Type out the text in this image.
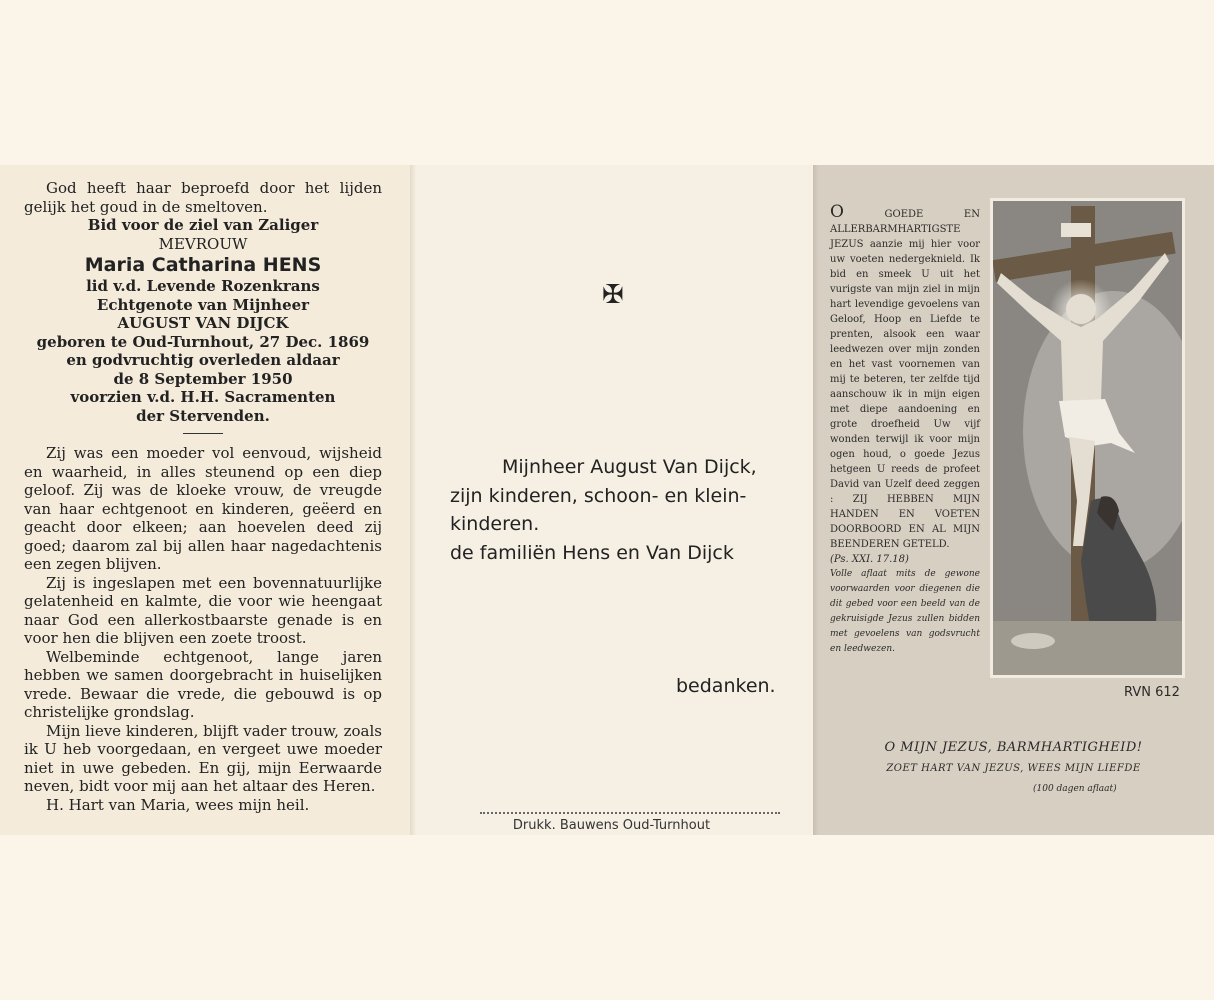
God heeft haar beproefd door het lijden gelijk het goud in de smeltoven.
Bid voor de ziel van Zaliger
MEVROUW
Maria Catharina HENS
lid v.d. Levende Rozenkrans
Echtgenote van Mijnheer
AUGUST VAN DIJCK
geboren te Oud-Turnhout, 27 Dec. 1869
en godvruchtig overleden aldaar
de 8 September 1950
voorzien v.d. H.H. Sacramenten
der Stervenden.

Zij was een moeder vol eenvoud, wijsheid en waarheid, in alles steunend op een diep geloof. Zij was de kloeke vrouw, de vreugde van haar echtgenoot en kinderen, geëerd en geacht door elkeen; aan hoevelen deed zij goed; daarom zal bij allen haar nagedachtenis een zegen blijven.

Zij is ingeslapen met een bovennatuurlijke gelatenheid en kalmte, die voor wie heengaat naar God een allerkostbaarste genade is en voor hen die blijven een zoete troost.

Welbeminde echtgenoot, lange jaren hebben we samen doorgebracht in huiselijken vrede. Bewaar die vrede, die gebouwd is op christelijke grondslag.

Mijn lieve kinderen, blijft vader trouw, zoals ik U heb voorgedaan, en vergeet uwe moeder niet in uwe gebeden. En gij, mijn Eerwaarde neven, bidt voor mij aan het altaar des Heren.

H. Hart van Maria, wees mijn heil.

✠
Mijnheer August Van Dijck,
zijn kinderen, schoon- en klein-
kinderen.
de familiën Hens en Van Dijck
bedanken.
Drukk. Bauwens Oud-Turnhout
O	GOEDE EN ALLERBARMHARTIGSTE JEZUS aanzie mij hier voor uw voeten nedergeknield. Ik bid en smeek U uit het vurigste van mijn ziel in mijn hart levendige gevoelens van Geloof, Hoop en Liefde te prenten, alsook een waar leedwezen over mijn zonden en het vast voornemen van mij te beteren, ter zelfde tijd aanschouw ik in mijn eigen met diepe aandoening en grote droefheid Uw vijf wonden terwijl ik voor mijn ogen houd, o goede Jezus hetgeen U reeds de profeet David van Uzelf deed zeggen : ZIJ HEBBEN MIJN HANDEN EN VOETEN DOORBOORD EN AL MIJN BEENDEREN GETELD.
(Ps. XXI. 17.18)
Volle aflaat mits de gewone voorwaarden voor diegenen die dit gebed voor een beeld van de gekruisigde Jezus zullen bidden met gevoelens van godsvrucht en leedwezen.
RVN 612
O MIJN JEZUS, BARMHARTIGHEID!
ZOET HART VAN JEZUS, WEES MIJN LIEFDE
(100 dagen aflaat)
